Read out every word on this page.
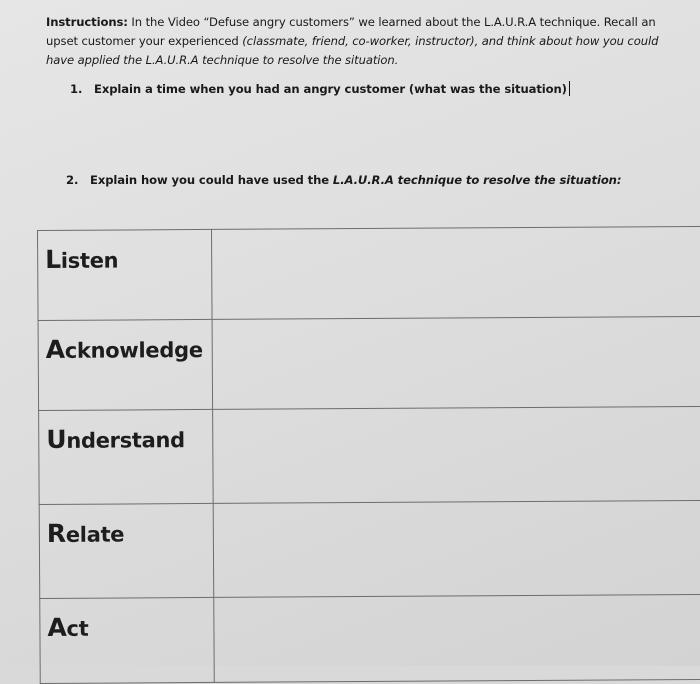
Instructions: In the Video “Defuse angry customers” we learned about the L.A.U.R.A technique. Recall an upset customer your experienced (classmate, friend, co-worker, instructor), and think about how you could have applied the L.A.U.R.A technique to resolve the situation.
1. Explain a time when you had an angry customer (what was the situation)
2. Explain how you could have used the L.A.U.R.A technique to resolve the situation:
Listen	
Acknowledge	
Understand	
Relate	
Act	
